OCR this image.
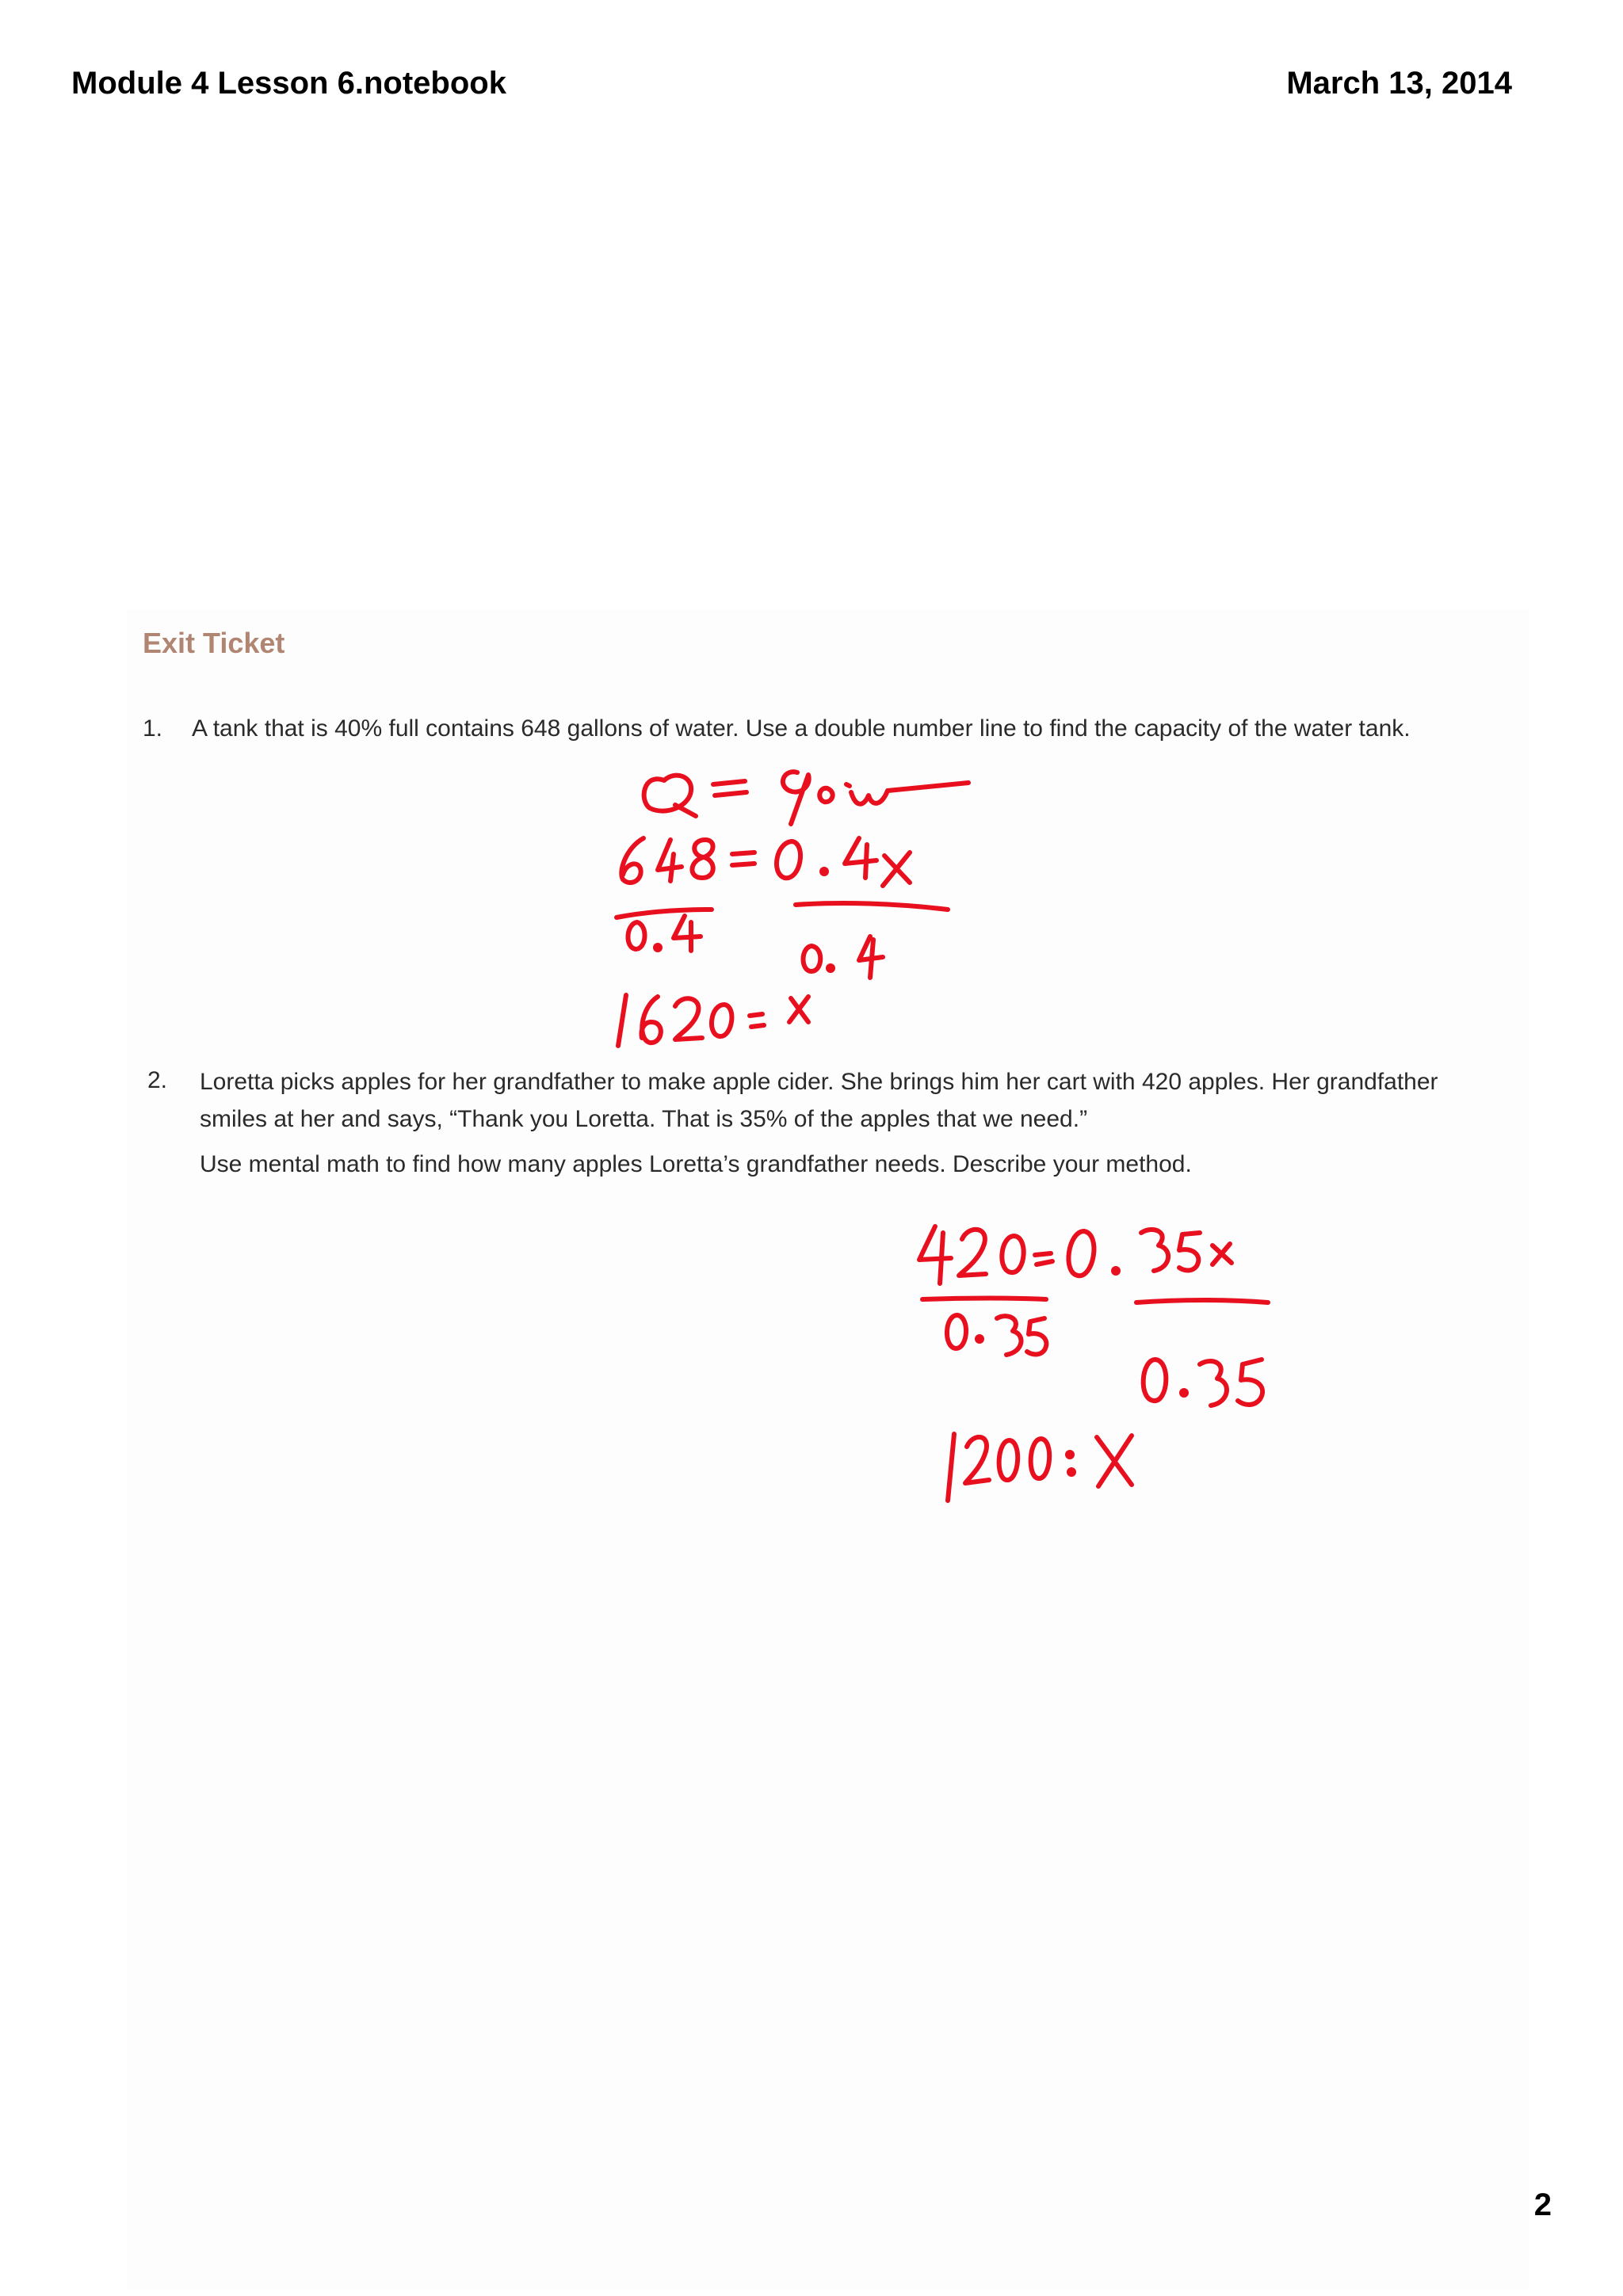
Module 4 Lesson 6.notebook	March 13, 2014
Exit Ticket
1. A tank that is 40% full contains 648 gallons of water. Use a double number line to find the capacity of the water tank.
2. Loretta picks apples for her grandfather to make apple cider. She brings him her cart with 420 apples. Her grandfather smiles at her and says, “Thank you Loretta. That is 35% of the apples that we need.”
Use mental math to find how many apples Loretta’s grandfather needs. Describe your method.
2
